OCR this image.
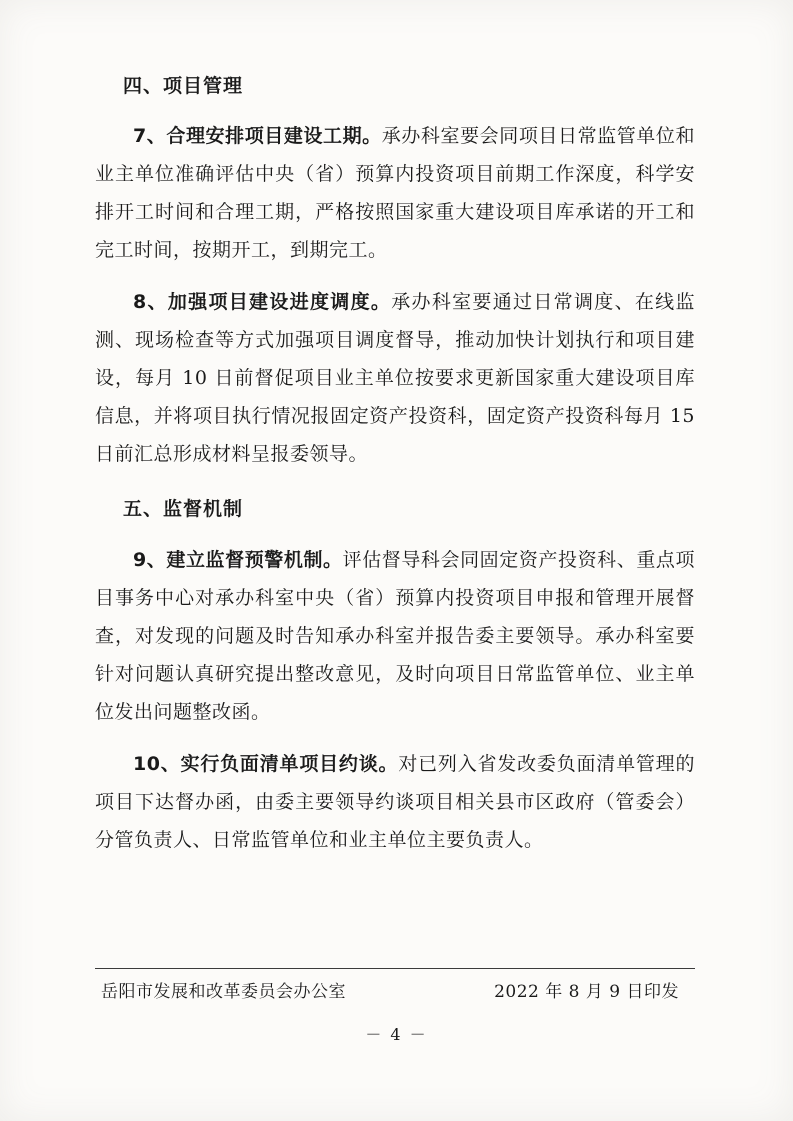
四、项目管理

7、合理安排项目建设工期。承办科室要会同项目日常监管单位和业主单位准确评估中央（省）预算内投资项目前期工作深度，科学安排开工时间和合理工期，严格按照国家重大建设项目库承诺的开工和完工时间，按期开工，到期完工。

8、加强项目建设进度调度。承办科室要通过日常调度、在线监测、现场检查等方式加强项目调度督导，推动加快计划执行和项目建设，每月 10 日前督促项目业主单位按要求更新国家重大建设项目库信息，并将项目执行情况报固定资产投资科，固定资产投资科每月 15 日前汇总形成材料呈报委领导。

五、监督机制

9、建立监督预警机制。评估督导科会同固定资产投资科、重点项目事务中心对承办科室中央（省）预算内投资项目申报和管理开展督查，对发现的问题及时告知承办科室并报告委主要领导。承办科室要针对问题认真研究提出整改意见，及时向项目日常监管单位、业主单位发出问题整改函。

10、实行负面清单项目约谈。对已列入省发改委负面清单管理的项目下达督办函，由委主要领导约谈项目相关县市区政府（管委会）分管负责人、日常监管单位和业主单位主要负责人。

岳阳市发展和改革委员会办公室	2022 年 8 月 9 日印发
－ 4 －
